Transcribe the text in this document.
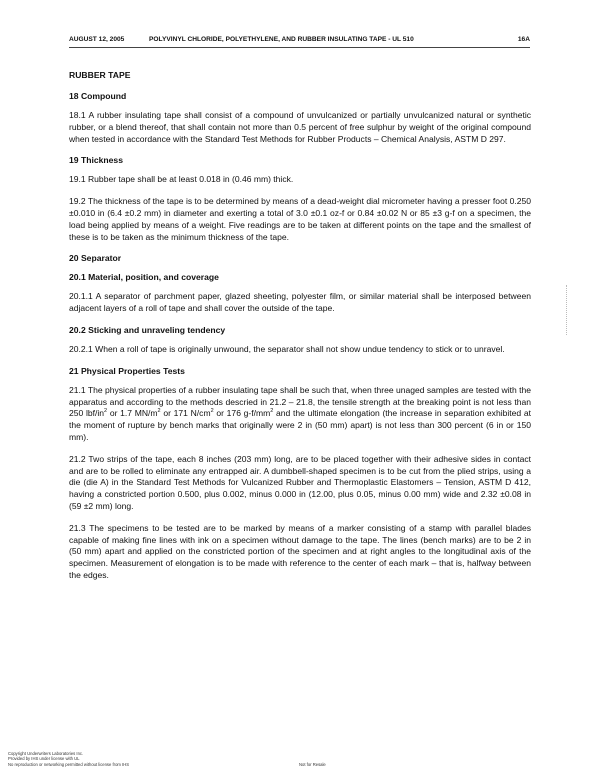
AUGUST 12, 2005	POLYVINYL CHLORIDE, POLYETHYLENE, AND RUBBER INSULATING TAPE - UL 510	16A
RUBBER TAPE
18 Compound

18.1 A rubber insulating tape shall consist of a compound of unvulcanized or partially unvulcanized natural or synthetic rubber, or a blend thereof, that shall contain not more than 0.5 percent of free sulphur by weight of the original compound when tested in accordance with the Standard Test Methods for Rubber Products – Chemical Analysis, ASTM D 297.

19 Thickness

19.1 Rubber tape shall be at least 0.018 in (0.46 mm) thick.

19.2 The thickness of the tape is to be determined by means of a dead-weight dial micrometer having a presser foot 0.250 ±0.010 in (6.4 ±0.2 mm) in diameter and exerting a total of 3.0 ±0.1 oz-f or 0.84 ±0.02 N or 85 ±3 g-f on a specimen, the load being applied by means of a weight. Five readings are to be taken at different points on the tape and the smallest of these is to be taken as the minimum thickness of the tape.

20 Separator
20.1 Material, position, and coverage

20.1.1 A separator of parchment paper, glazed sheeting, polyester film, or similar material shall be interposed between adjacent layers of a roll of tape and shall cover the outside of the tape.

20.2 Sticking and unraveling tendency

20.2.1 When a roll of tape is originally unwound, the separator shall not show undue tendency to stick or to unravel.

21 Physical Properties Tests

21.1 The physical properties of a rubber insulating tape shall be such that, when three unaged samples are tested with the apparatus and according to the methods descried in 21.2 – 21.8, the tensile strength at the breaking point is not less than 250 lbf/$in^2$ or 1.7 $MN/m^2$ or 171 $N/cm^2$ or 176 $g-f/mm^2$ and the ultimate elongation (the increase in separation exhibited at the moment of rupture by bench marks that originally were 2 in (50 mm) apart) is not less than 300 percent (6 in or 150 mm).

21.2 Two strips of the tape, each 8 inches (203 mm) long, are to be placed together with their adhesive sides in contact and are to be rolled to eliminate any entrapped air. A dumbbell-shaped specimen is to be cut from the plied strips, using a die (die A) in the Standard Test Methods for Vulcanized Rubber and Thermoplastic Elastomers – Tension, ASTM D 412, having a constricted portion 0.500, plus 0.002, minus 0.000 in (12.00, plus 0.05, minus 0.00 mm) wide and 2.32 ±0.08 in (59 ±2 mm) long.

21.3 The specimens to be tested are to be marked by means of a marker consisting of a stamp with parallel blades capable of making fine lines with ink on a specimen without damage to the tape. The lines (bench marks) are to be 2 in (50 mm) apart and applied on the constricted portion of the specimen and at right angles to the longitudinal axis of the specimen. Measurement of elongation is to be made with reference to the center of each mark – that is, halfway between the edges.

Copyright Underwriters Laboratories Inc.
Provided by IHS under license with UL
No reproduction or networking permitted without license from IHS	Not for Resale
